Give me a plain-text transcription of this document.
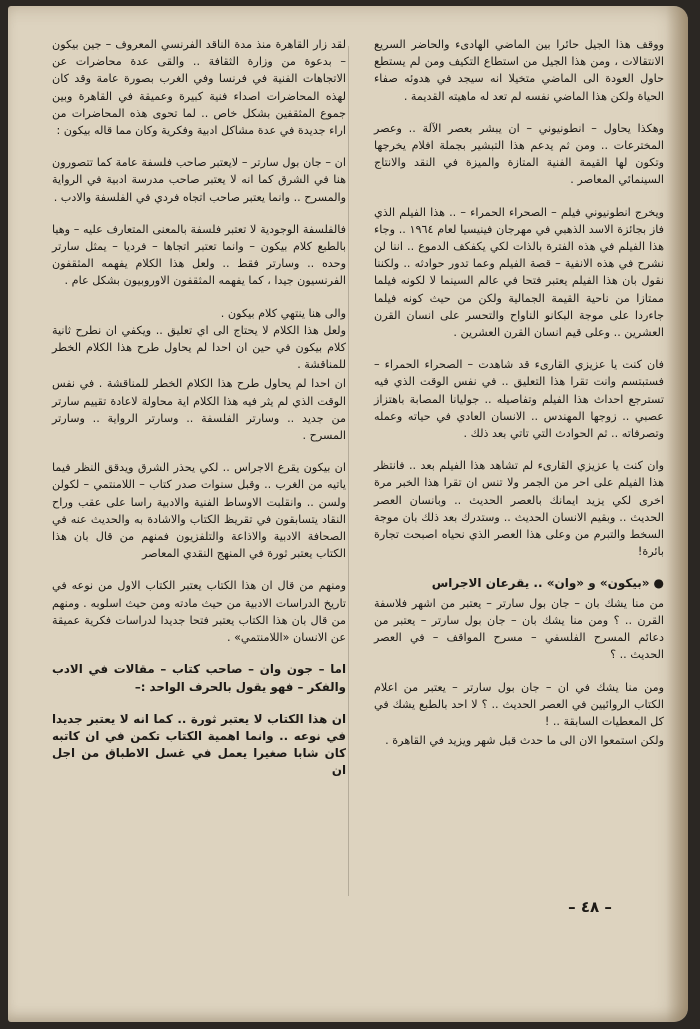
ووقف هذا الجيل حائرا بين الماضي الهادىء والحاضر السريع الانتقالات ، ومن هذا الجيل من استطاع التكيف ومن لم يستطع حاول العودة الى الماضي متخيلا انه سيجد في هدوئه صفاء الحياة ولكن هذا الماضي نفسه لم تعد له ماهيته القديمة .

وهكذا يحاول – انطونيوني – ان يبشر بعصر الآلة .. وعصر المخترعات .. ومن ثم يدعم هذا التبشير بجملة افلام يخرجها وتكون لها القيمة الفنية المتازة والميزة في النقد والانتاج السينمائي المعاصر .

ويخرج انطونيوني فيلم – الصحراء الحمراء – .. هذا الفيلم الذي فاز بجائزة الاسد الذهبي في مهرجان فينيسيا لعام ١٩٦٤ .. وجاء هذا الفيلم في هذه الفترة بالذات لكي يكفكف الدموع .. اننا لن نشرح في هذه الانفية – قصة الفيلم وعما تدور حوادثه .. ولكننا نقول بان هذا الفيلم يعتبر فتحا في عالم السينما لا لكونه فيلما ممتازا من ناحية القيمة الجمالية ولكن من حيث كونه فيلما جاءردا على موجة البكانو الناواح والتحسر على انسان القرن العشرين .. وعلى قيم انسان القرن العشرين .

فان كنت يا عزيزي القارىء قد شاهدت – الصحراء الحمراء – فستبتسم وانت تقرا هذا التعليق .. في نفس الوقت الذي فيه تسترجع احداث هذا الفيلم وتفاصيله .. جوليانا المصابة باهتزاز عصبي .. زوجها المهندس .. الانسان العادي في حياته وعمله وتصرفاته .. ثم الحوادث التي تاتي بعد ذلك .

وان كنت يا عزيزي القارىء لم تشاهد هذا الفيلم بعد .. فانتظر هذا الفيلم على احر من الجمر ولا تنس ان تقرا هذا الخبر مرة اخرى لكي يزيد ايمانك بالعصر الحديث .. وبانسان العصر الحديث .. وبقيم الانسان الحديث .. وستدرك بعد ذلك بان موجة السخط والتبرم من وعلى هذا العصر الذي نحياه اصبحت تجارة بائرة!

●«بيكون» و «وان» .. يقرعان الاجراس

من منا يشك بان – جان بول سارتر – يعتبر من اشهر فلاسفة القرن .. ؟ ومن منا يشك بان – جان بول سارتر – يعتبر من دعائم المسرح الفلسفي – مسرح المواقف – في العصر الحديث .. ؟

ومن منا يشك في ان – جان بول سارتر – يعتبر من اعلام الكتاب الروائيين في العصر الحديث .. ؟ لا احد بالطبع يشك في كل المعطيات السابقة .. !

ولكن استمعوا الان الى ما حدث قبل شهر ويزيد في القاهرة .

لقد زار القاهرة منذ مدة الناقد الفرنسي المعروف – جين بيكون – بدعوة من وزارة الثقافة .. والقى عدة محاضرات عن الاتجاهات الفنية في فرنسا وفي الغرب بصورة عامة وقد كان لهذه المحاضرات اصداء فنية كبيرة وعميقة في القاهرة وبين جموع المثقفين بشكل خاص .. لما تحوى هذه المحاضرات من اراء جديدة في عدة مشاكل ادبية وفكرية وكان مما قاله بيكون :

ان – جان بول سارتر – لايعتبر صاحب فلسفة عامة كما تتصورون هنا في الشرق كما انه لا يعتبر صاحب مدرسة ادبية في الرواية والمسرح .. وانما يعتبر صاحب اتجاه فردي في الفلسفة والادب .

فالفلسفة الوجودية لا تعتبر فلسفة بالمعنى المتعارف عليه – وهيا بالطبع كلام بيكون – وانما تعتبر اتجاها – فرديا – يمثل سارتر وحده .. وسارتر فقط .. ولعل هذا الكلام يفهمه المثقفون الفرنسيون جيدا ، كما يفهمه المثقفون الاوروبيون بشكل عام .

والى هنا ينتهي كلام بيكون .

ولعل هذا الكلام لا يحتاج الى اي تعليق .. ويكفي ان نطرح ثانية كلام بيكون في حين ان احدا لم يحاول طرح هذا الكلام الخطر للمناقشة .

ان احدا لم يحاول طرح هذا الكلام الخطر للمناقشة . في نفس الوقت الذي لم يثر فيه هذا الكلام اية محاولة لاعادة تقييم سارتر من جديد .. وسارتر الفلسفة .. وسارتر الرواية .. وسارتر المسرح .

ان بيكون يقرع الاجراس .. لكي يحذر الشرق ويدقق النظر فيما ياتيه من الغرب .. وقبل سنوات صدر كتاب – اللامنتمي – لكولن ولسن .. وانقلبت الاوساط الفنية والادبية راسا على عقب وراح النقاد يتسابقون في تقريظ الكتاب والاشادة به والحديث عنه في الصحافة الادبية والاذاعة والتلفزيون فمنهم من قال بان هذا الكتاب يعتبر ثورة في المنهج النقدي المعاصر

ومنهم من قال ان هذا الكتاب يعتبر الكتاب الاول من نوعه في تاريخ الدراسات الادبية من حيث مادته ومن حيث اسلوبه . ومنهم من قال بان هذا الكتاب يعتبر فتحا جديدا لدراسات فكرية عميقة عن الانسان «اللامنتمي» .

اما – جون وان – صاحب كتاب – مقالات في الادب والفكر – فهو يقول بالحرف الواحد :–

ان هذا الكتاب لا يعتبر ثورة .. كما انه لا يعتبر جديدا في نوعه .. وانما اهمية الكتاب تكمن في ان كاتبه كان شابا صغيرا يعمل في غسل الاطباق من اجل ان

– ٤٨ –
